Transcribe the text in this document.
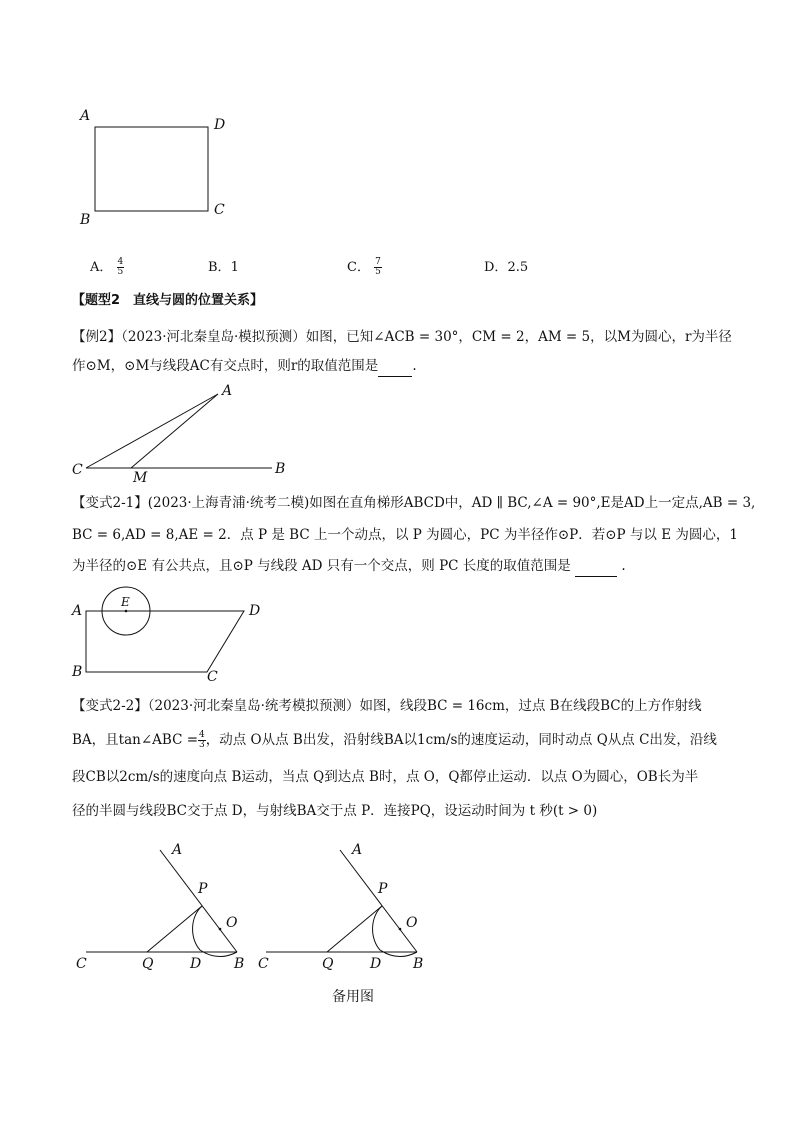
A
D
B
C
A． $\frac{4}{5}$	B．1	C． $\frac{7}{5}$	D．2.5
【题型2　直线与圆的位置关系】
【例2】（2023·河北秦皇岛·模拟预测）如图，已知∠ACB = 30°，CM = 2，AM = 5，以M为圆心，r为半径
作⊙M，⊙M与线段AC有交点时，则r的取值范围是	.
A
C	M
B
【变式2-1】(2023·上海青浦·统考二模)如图在直角梯形ABCD中，AD ∥ BC,∠A = 90°,E是AD上一定点,AB = 3,
BC = 6,AD = 8,AE = 2．点 P 是 BC 上一个动点，以 P 为圆心，PC 为半径作⊙P．若⊙P 与以 E 为圆心，1
为半径的⊙E 有公共点，且⊙P 与线段 AD 只有一个交点，则 PC 长度的取值范围是	.
A
E
D
B	C
【变式2-2】（2023·河北秦皇岛·统考模拟预测）如图，线段BC = 16cm，过点 B在线段BC的上方作射线
BA，且tan∠ABC = $\frac{4}{3}$ ，动点 O从点 B出发，沿射线BA以1cm/s的速度运动，同时动点 Q从点 C出发，沿线
段CB以2cm/s的速度向点 B运动，当点 Q到达点 B时，点 O，Q都停止运动．以点 O为圆心，OB长为半
径的半圆与线段BC交于点 D，与射线BA交于点 P．连接PQ，设运动时间为 t 秒(t > 0)
A
P
O
C	Q	D B
A
P
O
C	Q	D B
备用图
